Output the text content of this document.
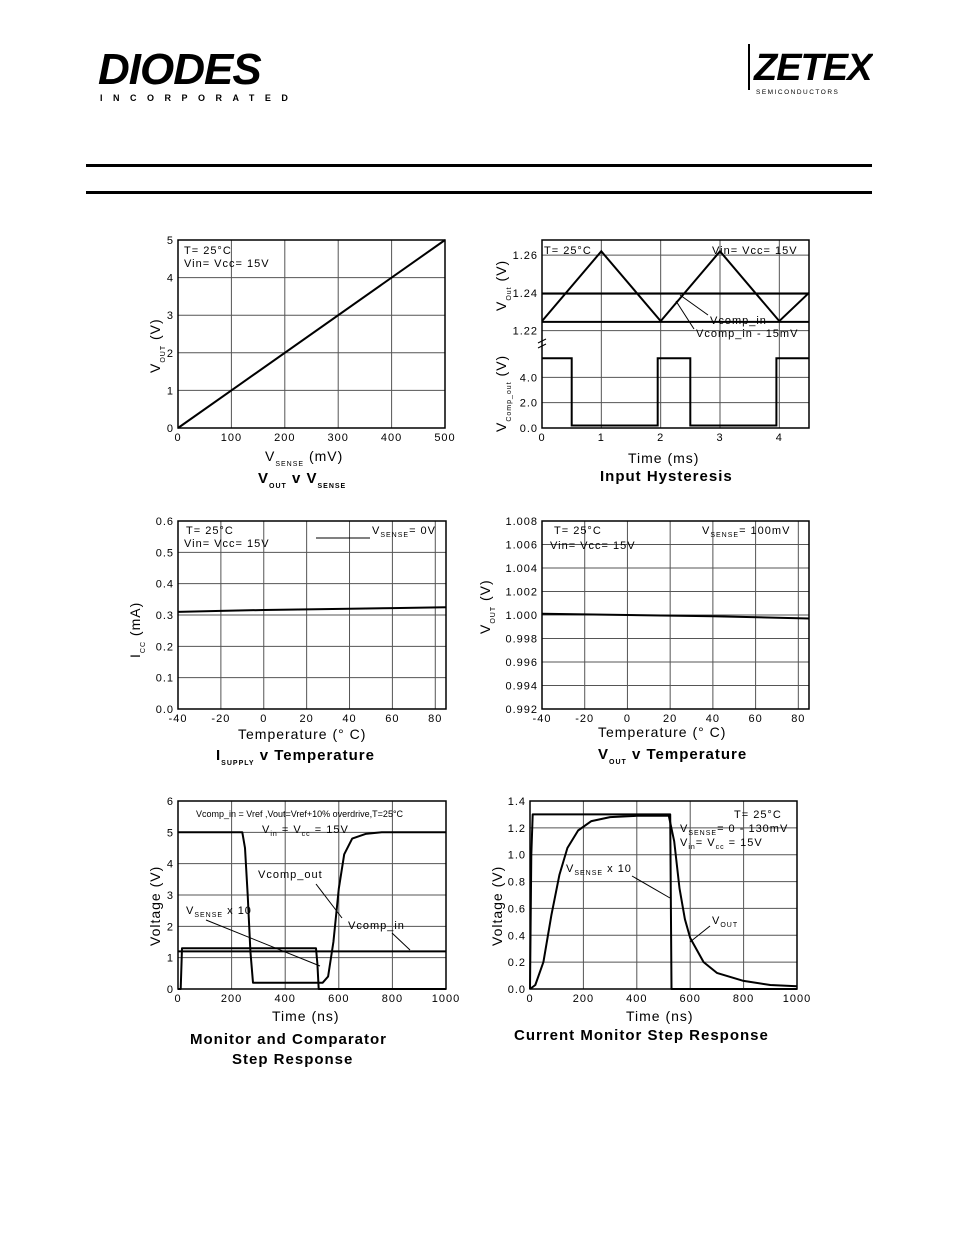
DIODES
INCORPORATED
ZETEX
SEMICONDUCTORS
0	100	200	300	400	500
0
1
2
3
4
5
T= 25°C
Vin= Vcc= 15V
$V_{SENSE}$ (mV)
$V_{OUT}$ (V)
$V_{OUT}$ v $V_{SENSE}$
0	1	2	3	4
1.22
1.24
1.26
0.0
2.0
4.0
T= 25°C	Vin= Vcc= 15V
Vcomp_in
Vcomp_in - 15mV
Time (ms)
$V_{Out}$ (V)
$V_{Comp\_out}$ (V)
Input Hysteresis
-40 -20	0	20	40	60	80
0.0
0.1
0.2
0.3
0.4
0.5
0.6
T= 25°C
Vin= Vcc= 15V
$V_{SENSE}= 0V$
Temperature (° C)
$I_{CC}$ (mA)
$I_{SUPPLY}$ v Temperature
-40 -20	0	20	40	60	80
0.992
0.994
0.996
0.998
1.000
1.002
1.004
1.006
1.008
T= 25°C
Vin= Vcc= 15V
$V_{SENSE}= 100mV$
Temperature (° C)
$V_{OUT}$ (V)
$V_{OUT}$ v Temperature
0	200	400	600	800	1000
0
1
2
3
4
5
6
Vcomp_in = Vref ,Vout=Vref+10% overdrive,T=25°C
$V_{in} = V_{cc} = 15V$
Vcomp_out
Vcomp_in
$V_{SENSE}$ x 10
Time (ns)
Voltage (V)
Monitor and Comparator
Step Response
0	200	400	600	800	1000
0.0
0.2
0.4
0.6
0.8
1.0
1.2
1.4
T= 25°C
$V_{SENSE}= 0 - 130mV$
$V_{in}= V_{cc} = 15V$
$V_{SENSE}$ x 10
$V_{OUT}$
Time (ns)
Voltage (V)
Current Monitor Step Response
